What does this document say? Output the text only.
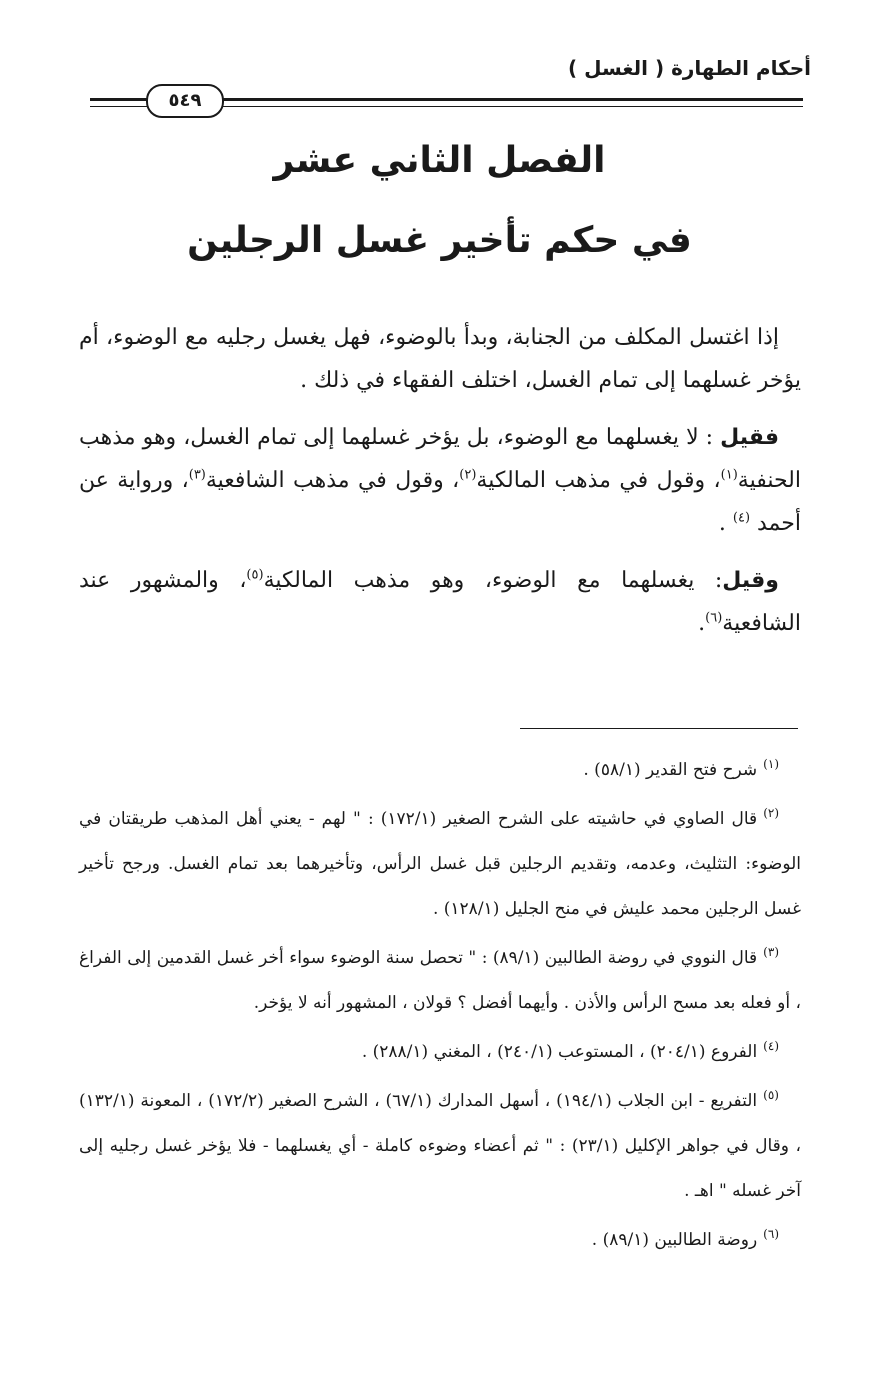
أحكام الطهارة ( الغسل )
٥٤٩
الفصل الثاني عشر
في حكم تأخير غسل الرجلين

إذا اغتسل المكلف من الجنابة، وبدأ بالوضوء، فهل يغسل رجليه مع الوضوء، أم يؤخر غسلهما إلى تمام الغسل، اختلف الفقهاء في ذلك .

فقيل : لا يغسلهما مع الوضوء، بل يؤخر غسلهما إلى تمام الغسل، وهو مذهب الحنفية$^{(١)}$، وقول في مذهب المالكية$^{(٢)}$، وقول في مذهب الشافعية$^{(٣)}$، ورواية عن أحمد $^{(٤)}$ .

وقيل: يغسلهما مع الوضوء، وهو مذهب المالكية$^{(٥)}$، والمشهور عند الشافعية$^{(٦)}$.

$^{(١)}$شرح فتح القدير (٥٨/١) .
$^{(٢)}$قال الصاوي في حاشيته على الشرح الصغير (١٧٢/١) : " لهم - يعني أهل المذهب طريقتان في الوضوء: التثليث، وعدمه، وتقديم الرجلين قبل غسل الرأس، وتأخيرهما بعد تمام الغسل. ورجح تأخير غسل الرجلين محمد عليش في منح الجليل (١٢٨/١) .
$^{(٣)}$قال النووي في روضة الطالبين (٨٩/١) : " تحصل سنة الوضوء سواء أخر غسل القدمين إلى الفراغ ، أو فعله بعد مسح الرأس والأذن . وأيهما أفضل ؟ قولان ، المشهور أنه لا يؤخر.
$^{(٤)}$الفروع (٢٠٤/١) ، المستوعب (٢٤٠/١) ، المغني (٢٨٨/١) .
$^{(٥)}$التفريع - ابن الجلاب (١٩٤/١) ، أسهل المدارك (٦٧/١) ، الشرح الصغير (١٧٢/٢) ، المعونة (١٣٢/١) ، وقال في جواهر الإكليل (٢٣/١) : " ثم أعضاء وضوءه كاملة - أي يغسلهما - فلا يؤخر غسل رجليه إلى آخر غسله " اهـ .
$^{(٦)}$روضة الطالبين (٨٩/١) .
